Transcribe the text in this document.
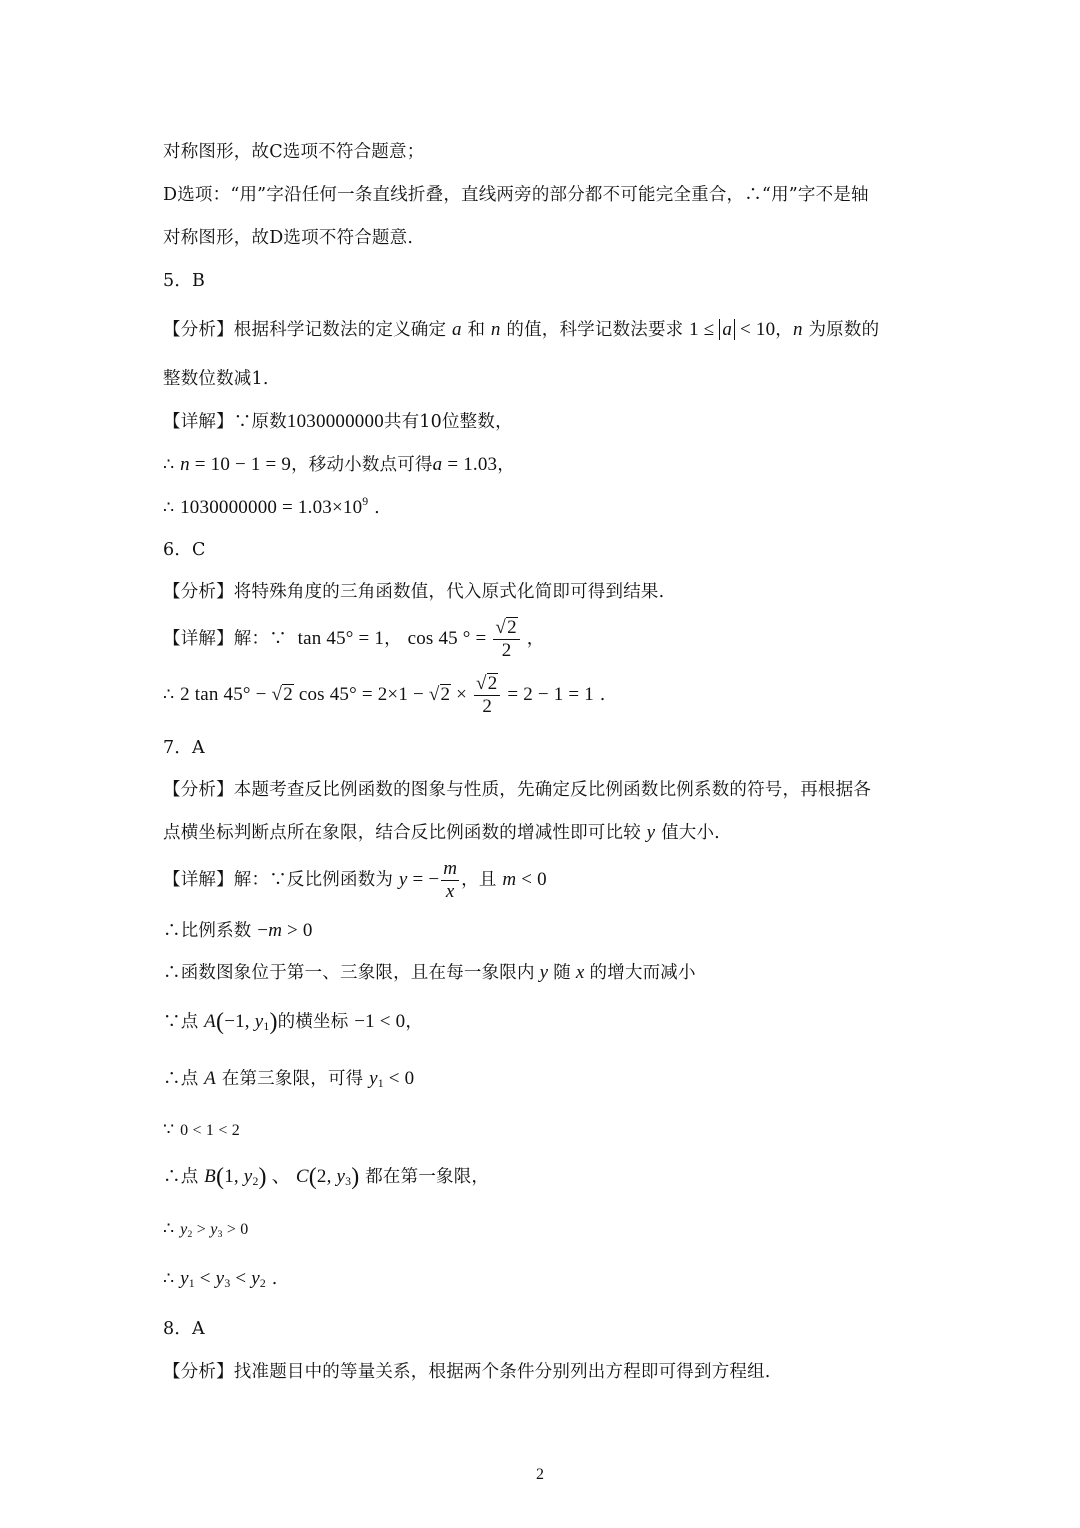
对称图形，故C选项不符合题意；
D选项：“用”字沿任何一条直线折叠，直线两旁的部分都不可能完全重合，∴“用”字不是轴
对称图形，故D选项不符合题意.
5．B
【分析】根据科学记数法的定义确定 a 和 n 的值，科学记数法要求 1 ≤ a < 10，n 为原数的
整数位数减1.
【详解】∵原数1030000000共有10位整数，
∴ n = 10 − 1 = 9，移动小数点可得a = 1.03，
∴ $1030000000 = 1.03\times 10^9$ .
6．C
【分析】将特殊角度的三角函数值，代入原式化简即可得到结果.
【详解】解：∵  tan 45° = 1， cos 45 ° = $\frac{√2}{2}$ ，
∴ 2 tan 45° − √2 $\cos 45^\circ = 2\times 1 - √2 \times \frac{√2}{2} = 2 - 1 = 1$ .
7．A
【分析】本题考查反比例函数的图象与性质，先确定反比例函数比例系数的符号，再根据各
点横坐标判断点所在象限，结合反比例函数的增减性即可比较 y 值大小.
【详解】解：∵反比例函数为 y = − $\frac{m}{x}$ ，且 m < 0
∴比例系数 −m > 0
∴函数图象位于第一、三象限，且在每一象限内 y 随 x 的增大而减小
∵点 A(−1, $y_1$)的横坐标 −1 < 0，
∴点 A 在第三象限，可得 $y_1 < 0$
∵ 0 < 1 < 2
∴点 B(1, $y_2$) 、 C(2, $y_3$) 都在第一象限，
∴ $y_2 > y_3 > 0$
∴ $y_1 < y_3 < y_2$ .
8．A
【分析】找准题目中的等量关系，根据两个条件分别列出方程即可得到方程组.
2
